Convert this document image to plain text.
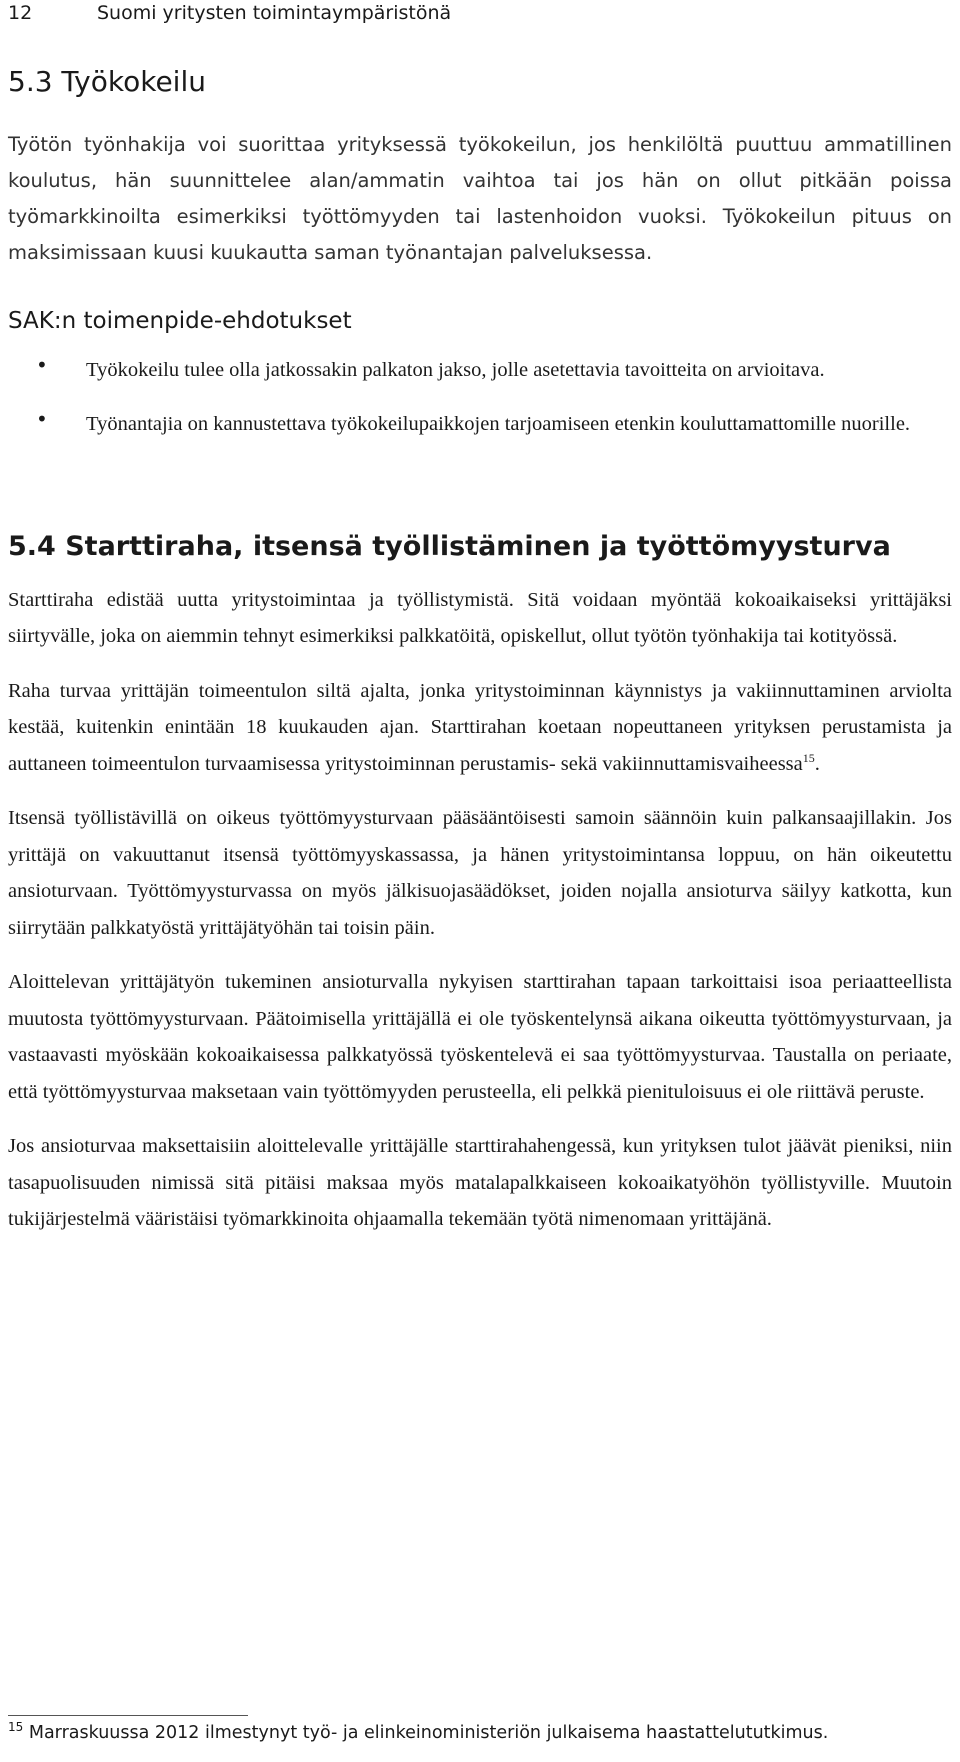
12	Suomi yritysten toimintaympäristönä
5.3 Työkokeilu

Työtön työnhakija voi suorittaa yrityksessä työkokeilun, jos henkilöltä puuttuu ammatillinen koulutus, hän suunnittelee alan/ammatin vaihtoa tai jos hän on ollut pitkään poissa työmarkkinoilta esimerkiksi työttömyyden tai lastenhoidon vuoksi. Työkokeilun pituus on maksimissaan kuusi kuukautta saman työnantajan palveluksessa.

SAK:n toimenpide-ehdotukset
• Työkokeilu tulee olla jatkossakin palkaton jakso, jolle asetettavia tavoitteita on arvioitava.

• Työnantajia on kannustettava työkokeilupaikkojen tarjoamiseen etenkin kouluttamattomille nuorille.

5.4 Starttiraha, itsensä työllistäminen ja työttömyysturva

Starttiraha edistää uutta yritystoimintaa ja työllistymistä. Sitä voidaan myöntää kokoaikaiseksi yrittäjäksi siirtyvälle, joka on aiemmin tehnyt esimerkiksi palkkatöitä, opiskellut, ollut työtön työnhakija tai kotityössä.

Raha turvaa yrittäjän toimeentulon siltä ajalta, jonka yritystoiminnan käynnistys ja vakiinnuttaminen arviolta kestää, kuitenkin enintään 18 kuukauden ajan. Starttirahan koetaan nopeuttaneen yrityksen perustamista ja auttaneen toimeentulon turvaamisessa yritystoiminnan perustamis- sekä vakiinnuttamisvaiheessa$^{15}$.

Itsensä työllistävillä on oikeus työttömyysturvaan pääsääntöisesti samoin säännöin kuin palkansaajillakin. Jos yrittäjä on vakuuttanut itsensä työttömyyskassassa, ja hänen yritystoimintansa loppuu, on hän oikeutettu ansioturvaan. Työttömyysturvassa on myös jälkisuojasäädökset, joiden nojalla ansioturva säilyy katkotta, kun siirrytään palkkatyöstä yrittäjätyöhän tai toisin päin.

Aloittelevan yrittäjätyön tukeminen ansioturvalla nykyisen starttirahan tapaan tarkoittaisi isoa periaatteellista muutosta työttömyysturvaan. Päätoimisella yrittäjällä ei ole työskentelynsä aikana oikeutta työttömyysturvaan, ja vastaavasti myöskään kokoaikaisessa palkkatyössä työskentelevä ei saa työttömyysturvaa. Taustalla on periaate, että työttömyysturvaa maksetaan vain työttömyyden perusteella, eli pelkkä pienituloisuus ei ole riittävä peruste.

Jos ansioturvaa maksettaisiin aloittelevalle yrittäjälle starttirahahengessä, kun yrityksen tulot jäävät pieniksi, niin tasapuolisuuden nimissä sitä pitäisi maksaa myös matalapalkkaiseen kokoaikatyöhön työllistyville. Muutoin tukijärjestelmä vääristäisi työmarkkinoita ohjaamalla tekemään työtä nimenomaan yrittäjänä.

$^{15}$ Marraskuussa 2012 ilmestynyt työ- ja elinkeinoministeriön julkaisema haastattelututkimus.
